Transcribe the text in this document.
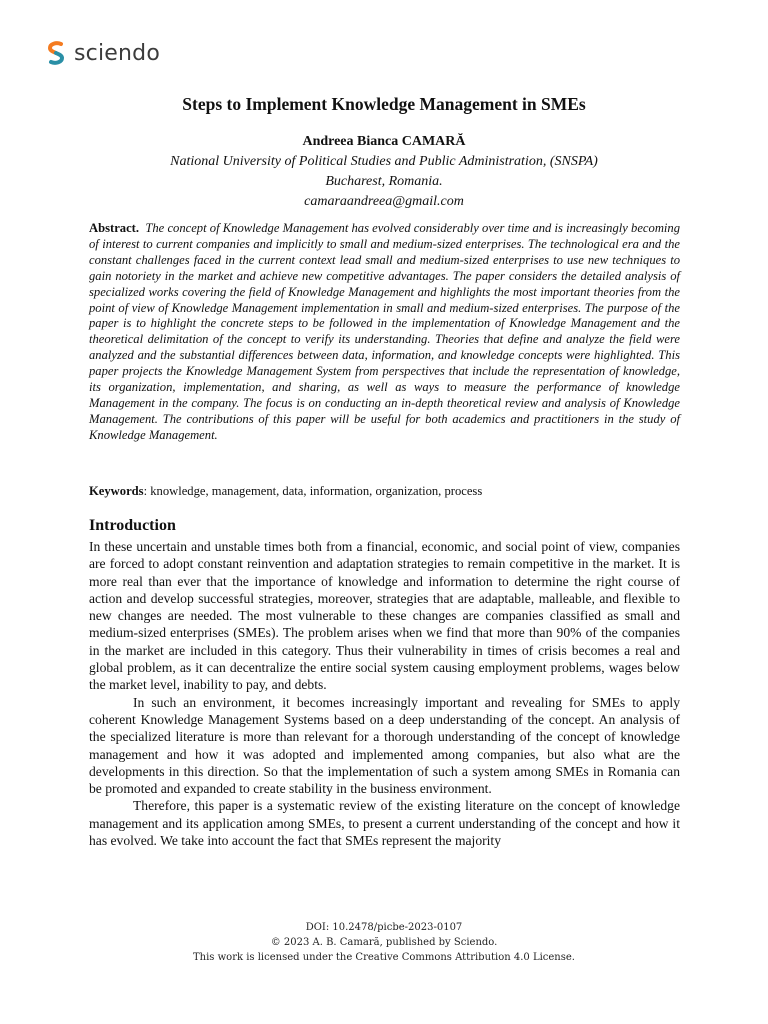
sciendo
Steps to Implement Knowledge Management in SMEs
Andreea Bianca CAMARĂ
National University of Political Studies and Public Administration, (SNSPA)
Bucharest, Romania.
camaraandreea@gmail.com
Abstract. The concept of Knowledge Management has evolved considerably over time and is increasingly becoming of interest to current companies and implicitly to small and medium-sized enterprises. The technological era and the constant challenges faced in the current context lead small and medium-sized enterprises to use new techniques to gain notoriety in the market and achieve new competitive advantages. The paper considers the detailed analysis of specialized works covering the field of Knowledge Management and highlights the most important theories from the point of view of Knowledge Management implementation in small and medium-sized enterprises. The purpose of the paper is to highlight the concrete steps to be followed in the implementation of Knowledge Management and the theoretical delimitation of the concept to verify its understanding. Theories that define and analyze the field were analyzed and the substantial differences between data, information, and knowledge concepts were highlighted. This paper projects the Knowledge Management System from perspectives that include the representation of knowledge, its organization, implementation, and sharing, as well as ways to measure the performance of knowledge Management in the company. The focus is on conducting an in-depth theoretical review and analysis of Knowledge Management. The contributions of this paper will be useful for both academics and practitioners in the study of Knowledge Management.
Keywords: knowledge, management, data, information, organization, process
Introduction

In these uncertain and unstable times both from a financial, economic, and social point of view, companies are forced to adopt constant reinvention and adaptation strategies to remain competitive in the market. It is more real than ever that the importance of knowledge and information to determine the right course of action and develop successful strategies, moreover, strategies that are adaptable, malleable, and flexible to new changes are needed. The most vulnerable to these changes are companies classified as small and medium-sized enterprises (SMEs). The problem arises when we find that more than 90% of the companies in the market are included in this category. Thus their vulnerability in times of crisis becomes a real and global problem, as it can decentralize the entire social system causing employment problems, wages below the market level, inability to pay, and debts.

In such an environment, it becomes increasingly important and revealing for SMEs to apply coherent Knowledge Management Systems based on a deep understanding of the concept. An analysis of the specialized literature is more than relevant for a thorough understanding of the concept of knowledge management and how it was adopted and implemented among companies, but also what are the developments in this direction. So that the implementation of such a system among SMEs in Romania can be promoted and expanded to create stability in the business environment.

Therefore, this paper is a systematic review of the existing literature on the concept of knowledge management and its application among SMEs, to present a current understanding of the concept and how it has evolved. We take into account the fact that SMEs represent the majority

DOI: 10.2478/picbe-2023-0107
© 2023 A. B. Camară, published by Sciendo.
This work is licensed under the Creative Commons Attribution 4.0 License.
